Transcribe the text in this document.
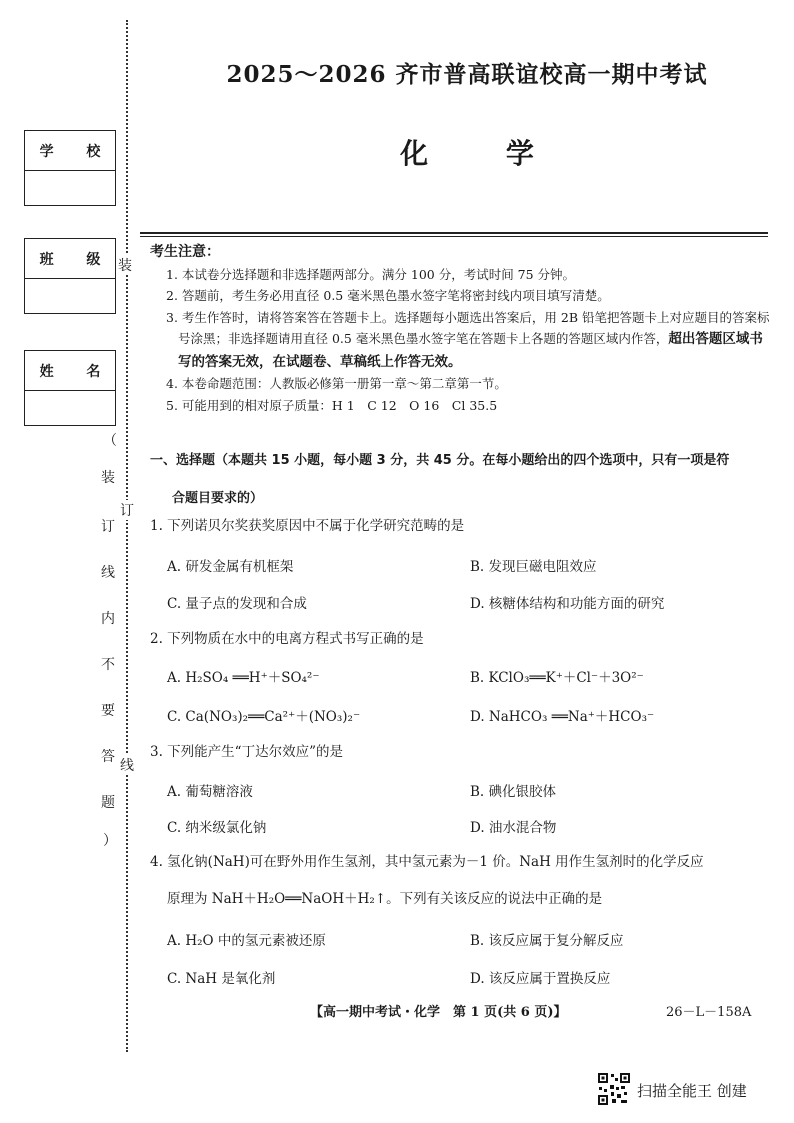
学 校
班 级
姓 名
装
订
线
（
装
订
线
内
不
要
答
题
）
2025～2026 齐市普高联谊校高一期中考试
化 学
考生注意：
1. 本试卷分选择题和非选择题两部分。满分 100 分，考试时间 75 分钟。
2. 答题前，考生务必用直径 0.5 毫米黑色墨水签字笔将密封线内项目填写清楚。
3. 考生作答时，请将答案答在答题卡上。选择题每小题选出答案后，用 2B 铅笔把答题卡上对应题目的答案标号涂黑；非选择题请用直径 0.5 毫米黑色墨水签字笔在答题卡上各题的答题区域内作答，超出答题区域书写的答案无效，在试题卷、草稿纸上作答无效。
4. 本卷命题范围：人教版必修第一册第一章～第二章第一节。
5. 可能用到的相对原子质量：H 1　C 12　O 16　Cl 35.5
一、选择题（本题共 15 小题，每小题 3 分，共 45 分。在每小题给出的四个选项中，只有一项是符
合题目要求的）
1. 下列诺贝尔奖获奖原因中不属于化学研究范畴的是
A. 研发金属有机框架	B. 发现巨磁电阻效应
C. 量子点的发现和合成	D. 核糖体结构和功能方面的研究
2. 下列物质在水中的电离方程式书写正确的是
A. H₂SO₄ ══H⁺＋SO₄²⁻	B. KClO₃══K⁺＋Cl⁻＋3O²⁻
C. Ca(NO₃)₂══Ca²⁺＋(NO₃)₂⁻	D. NaHCO₃ ══Na⁺＋HCO₃⁻
3. 下列能产生“丁达尔效应”的是
A. 葡萄糖溶液	B. 碘化银胶体
C. 纳米级氯化钠	D. 油水混合物
4. 氢化钠(NaH)可在野外用作生氢剂，其中氢元素为－1 价。NaH 用作生氢剂时的化学反应
原理为 NaH＋H₂O══NaOH＋H₂↑。下列有关该反应的说法中正确的是
A. H₂O 中的氢元素被还原	B. 该反应属于复分解反应
C. NaH 是氧化剂	D. 该反应属于置换反应
【高一期中考试・化学　第 1 页(共 6 页)】	26－L－158A
扫描全能王 创建
